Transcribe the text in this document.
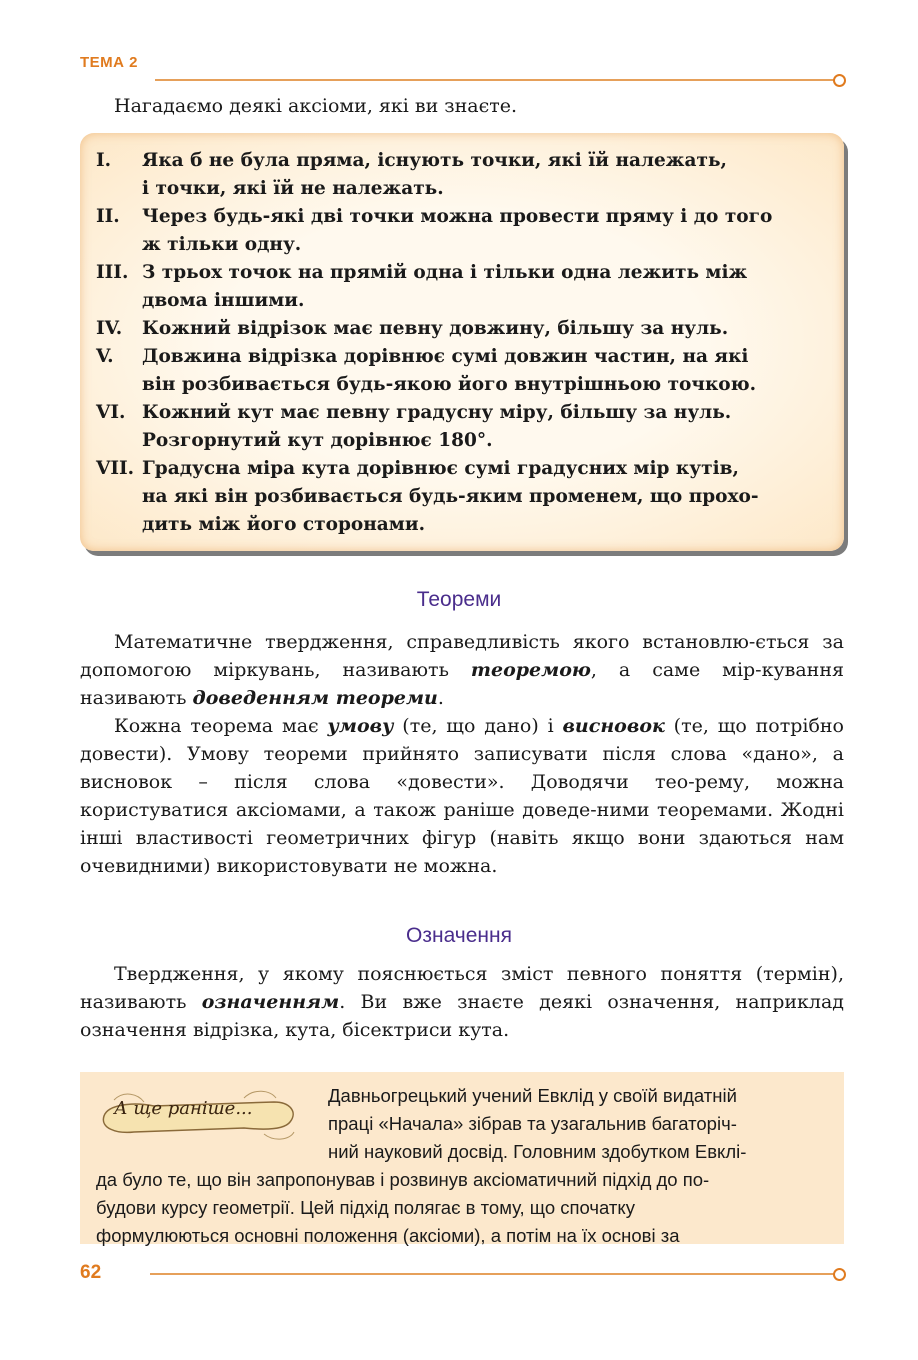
ТЕМА 2
Нагадаємо деякі аксіоми, які ви знаєте.
I.	Яка б не була пряма, існують точки, які їй належать,
і точки, які їй не належать.
II.	Через будь-які дві точки можна провести пряму і до того
ж тільки одну.
III. З трьох точок на прямій одна і тільки одна лежить між
двома іншими.
IV.	Кожний відрізок має певну довжину, більшу за нуль.
V.	Довжина відрізка дорівнює сумі довжин частин, на які
він розбивається будь-якою його внутрішньою точкою.
VI. Кожний кут має певну градусну міру, більшу за нуль.
Розгорнутий кут дорівнює 180°.
VII. Градусна міра кута дорівнює сумі градусних мір кутів,
на які він розбивається будь-яким променем, що прохо-
дить між його сторонами.
Теореми
Математичне твердження, справедливість якого встановлю-ється за допомогою міркувань, називають теоремою, а саме мір-кування називають доведенням теореми.
Кожна теорема має умову (те, що дано) і висновок (те, що потрібно довести). Умову теореми прийнято записувати після слова «дано», а висновок – після слова «довести». Доводячи тео-рему, можна користуватися аксіомами, а також раніше доведе-ними теоремами. Жодні інші властивості геометричних фігур (навіть якщо вони здаються нам очевидними) використовувати не можна.
Означення
Твердження, у якому пояснюється зміст певного поняття (термін), називають означенням. Ви вже знаєте деякі означення, наприклад означення відрізка, кута, бісектриси кута.
А ще раніше...
Давньогрецький учений Евклід у своїй видатній
праці «Начала» зібрав та узагальнив багаторіч-
ний науковий досвід. Головним здобутком Евклі-
да було те, що він запропонував і розвинув аксіоматичний підхід до по-
будови курсу геометрії. Цей підхід полягає в тому, що спочатку
формулюються основні положення (аксіоми), а потім на їх основі за
62
